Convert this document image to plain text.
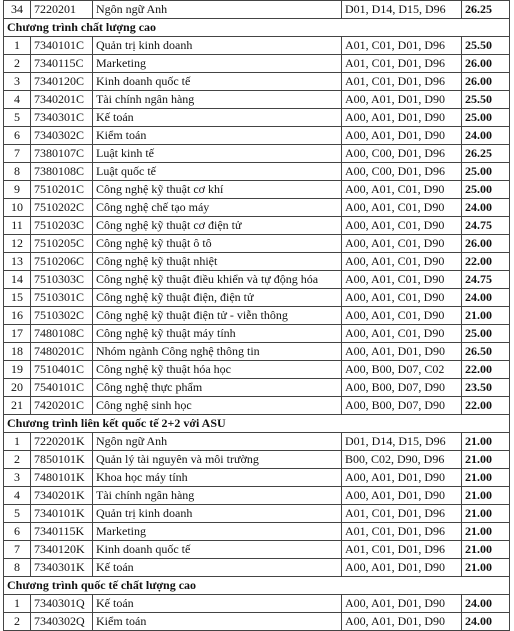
34	7220201	Ngôn ngữ Anh	D01, D14, D15, D96	26.25
Chương trình chất lượng cao				
1	7340101C	Quản trị kinh doanh	A01, C01, D01, D96	25.50
2	7340115C	Marketing	A01, C01, D01, D96	26.00
3	7340120C	Kinh doanh quốc tế	A01, C01, D01, D96	26.00
4	7340201C	Tài chính ngân hàng	A00, A01, D01, D90	25.50
5	7340301C	Kế toán	A00, A01, D01, D90	25.00
6	7340302C	Kiểm toán	A00, A01, D01, D90	24.00
7	7380107C	Luật kinh tế	A00, C00, D01, D96	26.25
8	7380108C	Luật quốc tế	A00, C00, D01, D96	25.00
9	7510201C	Công nghệ kỹ thuật cơ khí	A00, A01, C01, D90	25.00
10	7510202C	Công nghệ chế tạo máy	A00, A01, C01, D90	24.00
11	7510203C	Công nghệ kỹ thuật cơ điện tử	A00, A01, C01, D90	24.75
12	7510205C	Công nghệ kỹ thuật ô tô	A00, A01, C01, D90	26.00
13	7510206C	Công nghệ kỹ thuật nhiệt	A00, A01, C01, D90	22.00
14	7510303C	Công nghệ kỹ thuật điều khiển và tự động hóa	A00, A01, C01, D90	24.75
15	7510301C	Công nghệ kỹ thuật điện, điện tử	A00, A01, C01, D90	24.00
16	7510302C	Công nghệ kỹ thuật điện tử - viễn thông	A00, A01, C01, D90	21.00
17	7480108C	Công nghệ kỹ thuật máy tính	A00, A01, C01, D90	25.00
18	7480201C	Nhóm ngành Công nghệ thông tin	A00, A01, D01, D90	26.50
19	7510401C	Công nghệ kỹ thuật hóa học	A00, B00, D07, C02	22.00
20	7540101C	Công nghệ thực phẩm	A00, B00, D07, D90	23.50
21	7420201C	Công nghệ sinh học	A00, B00, D07, D90	22.00
Chương trình liên kết quốc tế 2+2 với ASU				
1	7220201K	Ngôn ngữ Anh	D01, D14, D15, D96	21.00
2	7850101K	Quản lý tài nguyên và môi trường	B00, C02, D90, D96	21.00
3	7480101K	Khoa học máy tính	A00, A01, D01, D90	21.00
4	7340201K	Tài chính ngân hàng	A00, A01, D01, D90	21.00
5	7340101K	Quản trị kinh doanh	A01, C01, D01, D96	21.00
6	7340115K	Marketing	A01, C01, D01, D96	21.00
7	7340120K	Kinh doanh quốc tế	A01, C01, D01, D96	21.00
8	7340301K	Kế toán	A00, A01, D01, D90	21.00
Chương trình quốc tế chất lượng cao				
1	7340301Q	Kế toán	A00, A01, D01, D90	24.00
2	7340302Q	Kiểm toán	A00, A01, D01, D90	24.00
